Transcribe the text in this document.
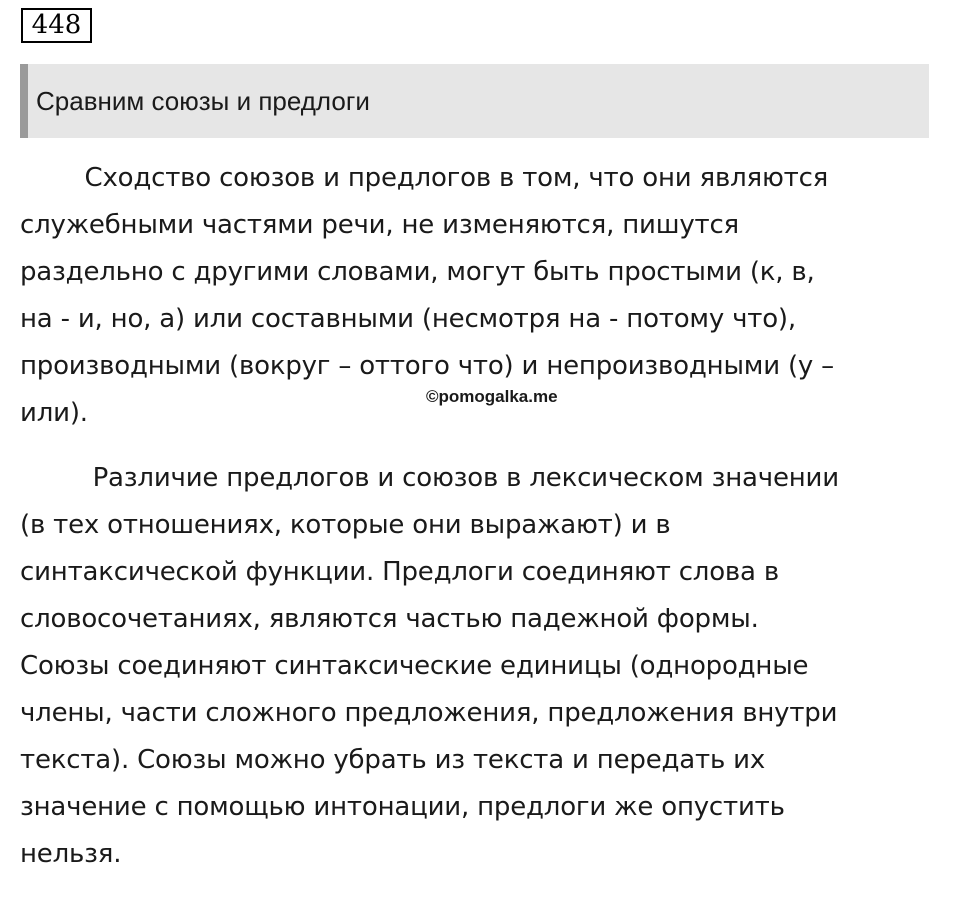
448
Сравним союзы и предлоги
Сходство союзов и предлогов в том, что они являются
служебными частями речи, не изменяются, пишутся
раздельно с другими словами, могут быть простыми (к, в,
на - и, но, а) или составными (несмотря на - потому что),
производными (вокруг – оттого что) и непроизводными (у –
или).
©pomogalka.me
Различие предлогов и союзов в лексическом значении
(в тех отношениях, которые они выражают) и в
синтаксической функции. Предлоги соединяют слова в
словосочетаниях, являются частью падежной формы.
Союзы соединяют синтаксические единицы (однородные
члены, части сложного предложения, предложения внутри
текста). Союзы можно убрать из текста и передать их
значение с помощью интонации, предлоги же опустить
нельзя.
